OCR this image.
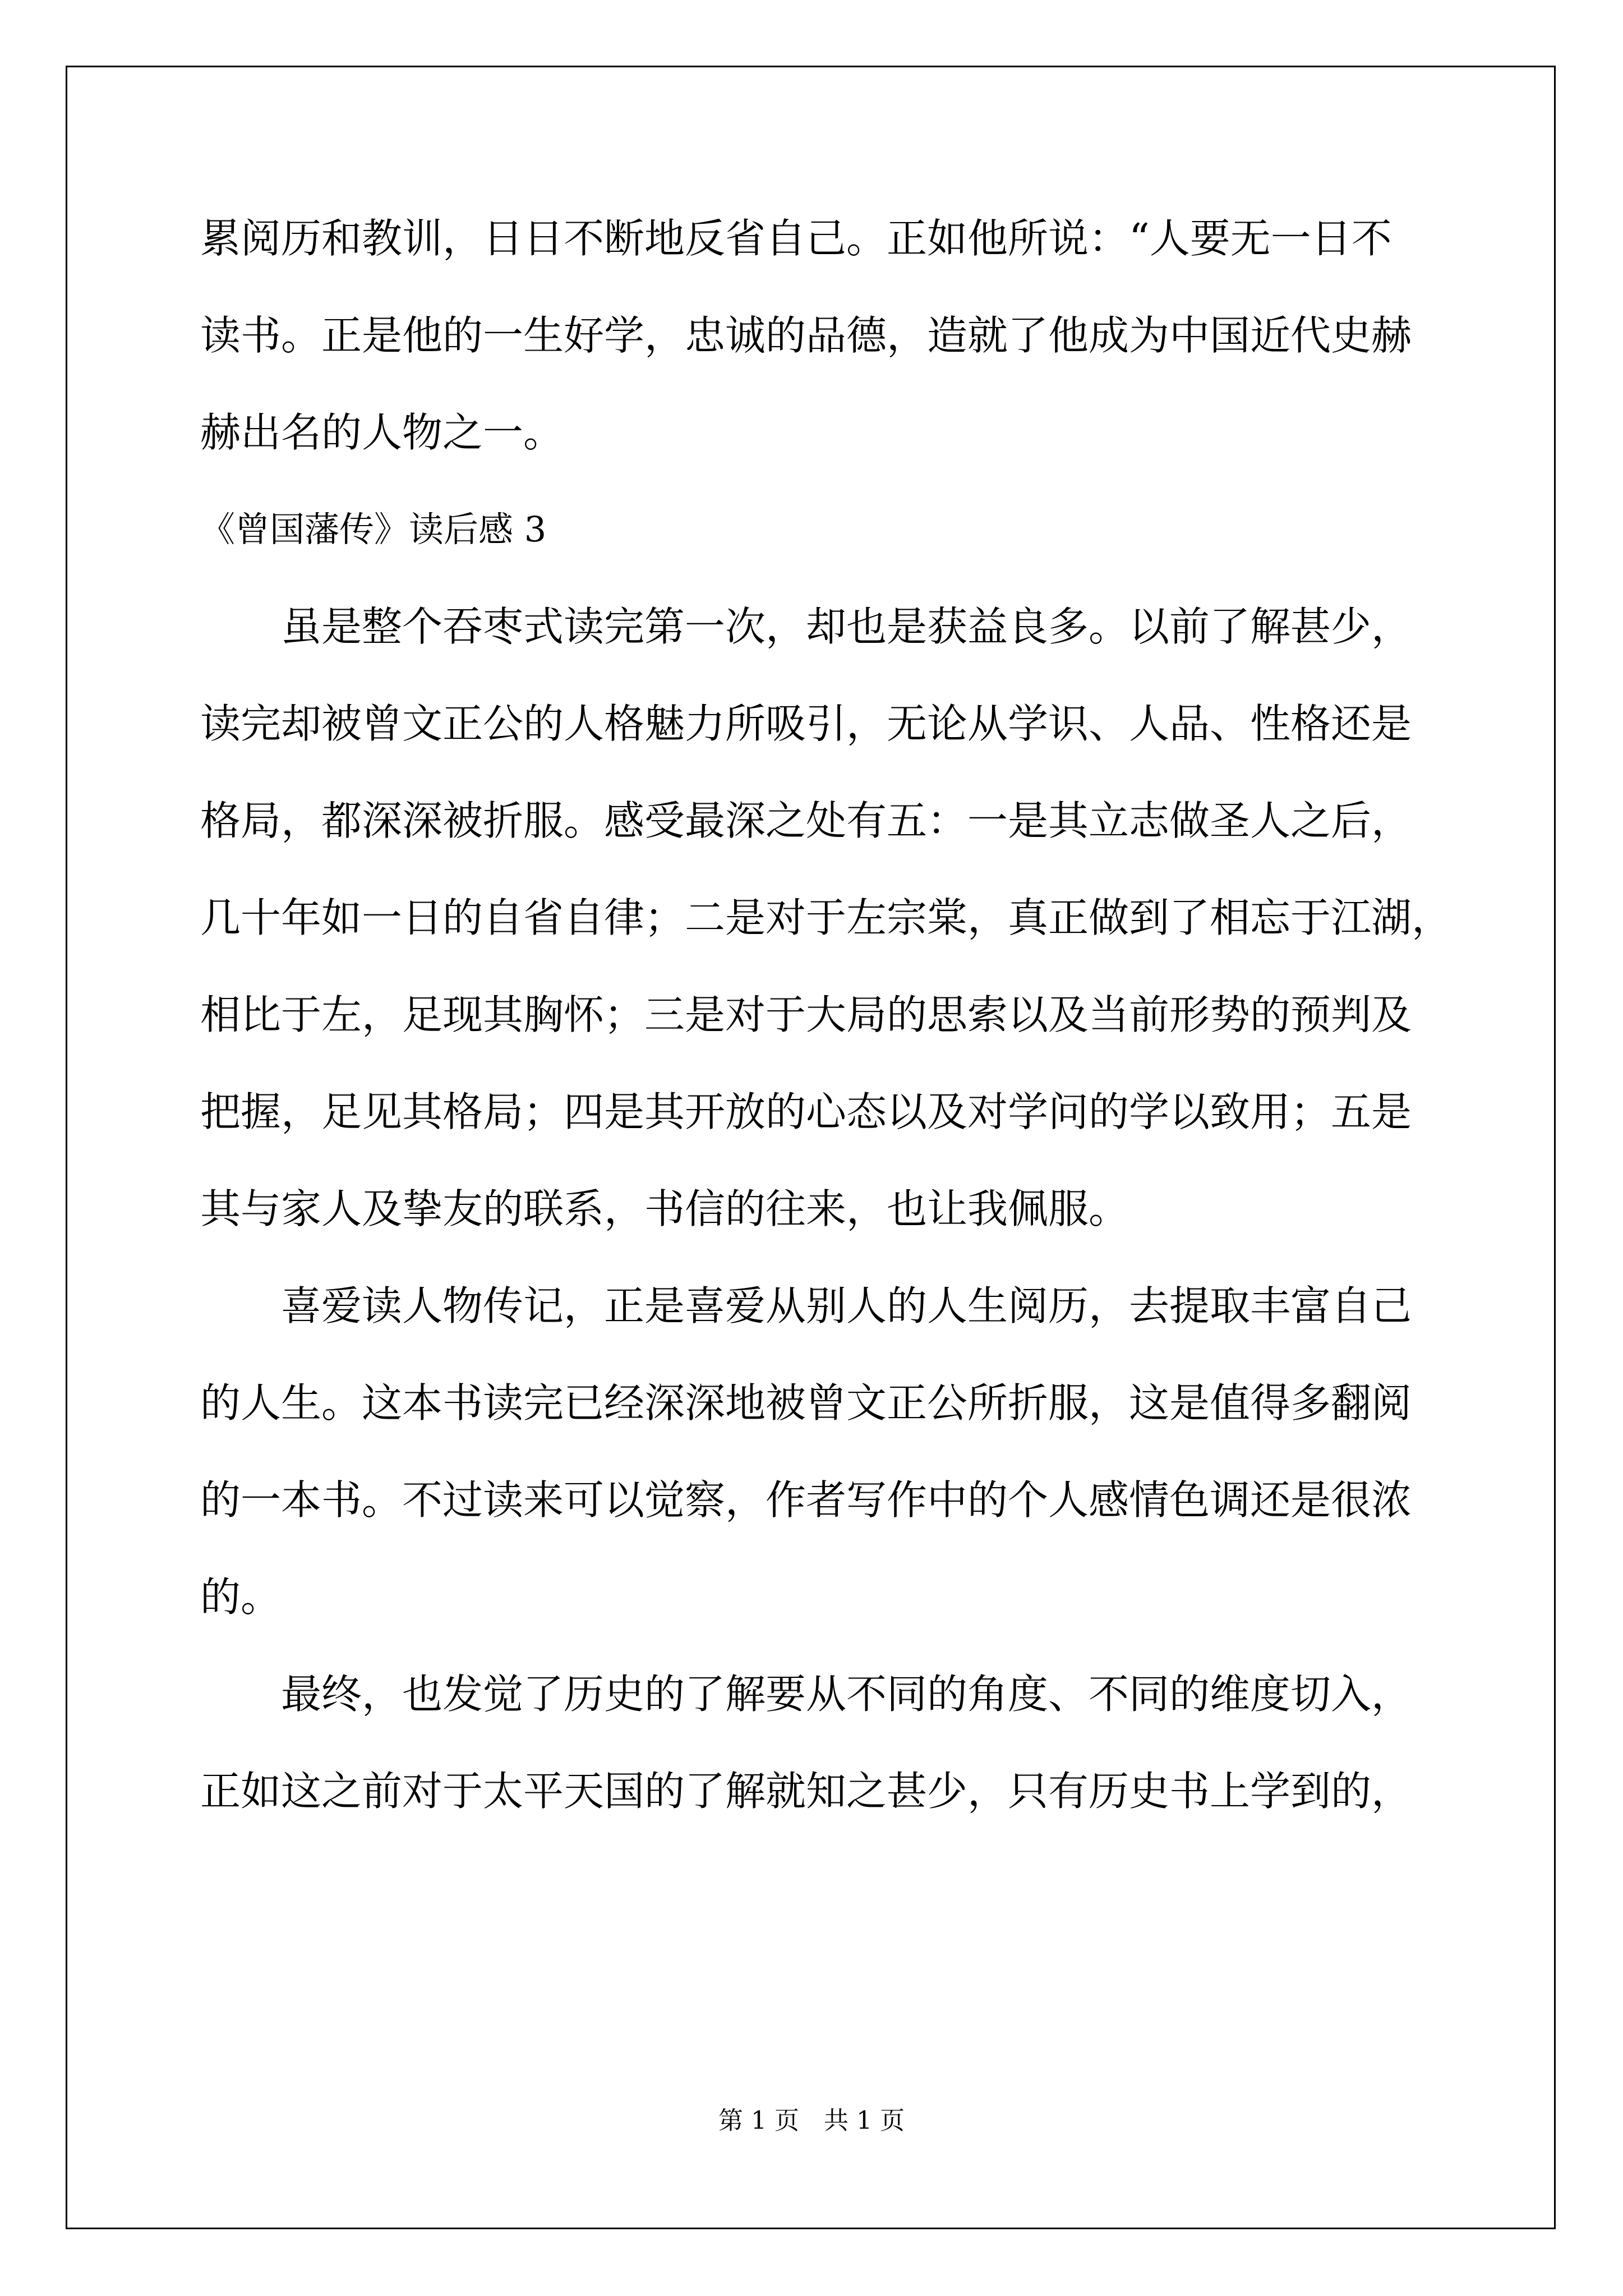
累阅历和教训，日日不断地反省自己。正如他所说：“人要无一日不
读书。正是他的一生好学，忠诚的品德，造就了他成为中国近代史赫
赫出名的人物之一。
《曾国藩传》读后感 3
　　虽是整个吞枣式读完第一次，却也是获益良多。以前了解甚少，
读完却被曾文正公的人格魅力所吸引，无论从学识、人品、性格还是
格局，都深深被折服。感受最深之处有五：一是其立志做圣人之后，
几十年如一日的自省自律；二是对于左宗棠，真正做到了相忘于江湖，
相比于左，足现其胸怀；三是对于大局的思索以及当前形势的预判及
把握，足见其格局；四是其开放的心态以及对学问的学以致用；五是
其与家人及挚友的联系，书信的往来，也让我佩服。
　　喜爱读人物传记，正是喜爱从别人的人生阅历，去提取丰富自己
的人生。这本书读完已经深深地被曾文正公所折服，这是值得多翻阅
的一本书。不过读来可以觉察，作者写作中的个人感情色调还是很浓
的。
　　最终，也发觉了历史的了解要从不同的角度、不同的维度切入，
正如这之前对于太平天国的了解就知之甚少，只有历史书上学到的，
第 1 页　共 1 页
